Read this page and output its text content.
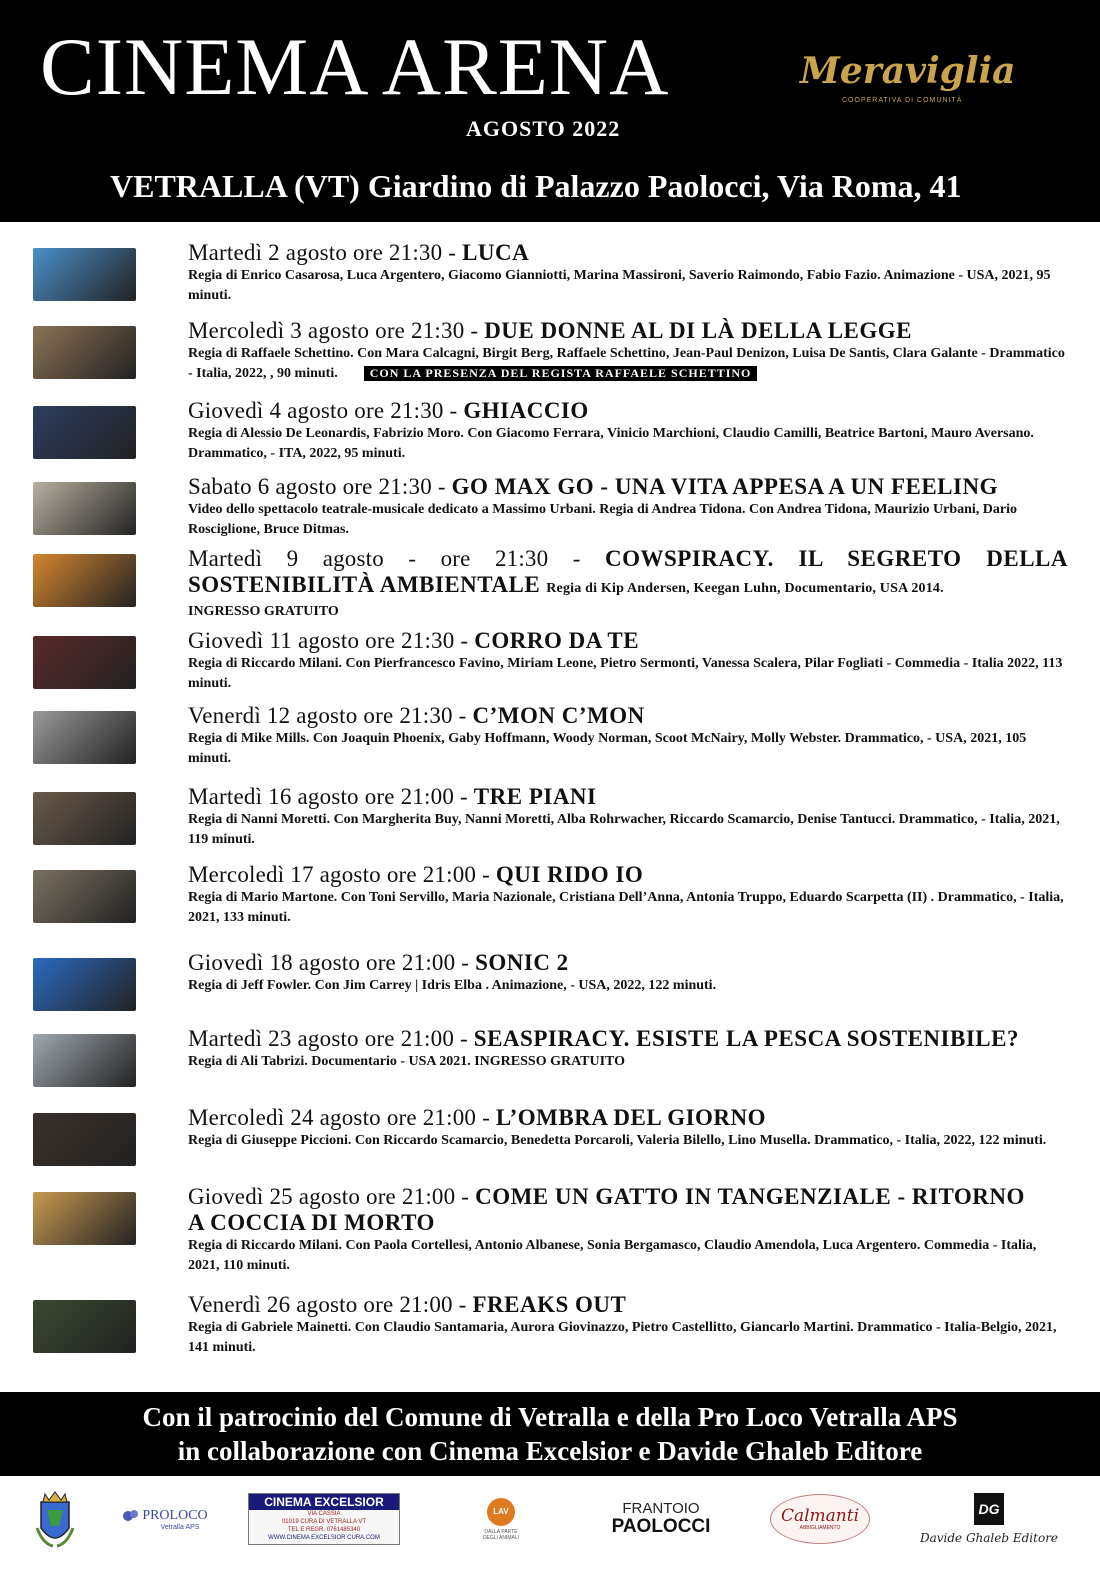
CINEMA ARENA
AGOSTO 2022
Meraviglia
COOPERATIVA DI COMUNITÀ
VETRALLA (VT) Giardino di Palazzo Paolocci, Via Roma, 41
Martedì 2 agosto ore 21:30 - LUCA
Regia di Enrico Casarosa, Luca Argentero, Giacomo Gianniotti, Marina Massironi, Saverio Raimondo, Fabio Fazio. Animazione - USA, 2021, 95 minuti.
Mercoledì 3 agosto ore 21:30 - DUE DONNE AL DI LÀ DELLA LEGGE
Regia di Raffaele Schettino. Con Mara Calcagni, Birgit Berg, Raffaele Schettino, Jean-Paul Denizon, Luisa De Santis, Clara Galante - Drammatico - Italia, 2022, , 90 minuti.	CON LA PRESENZA DEL REGISTA RAFFAELE SCHETTINO
Giovedì 4 agosto ore 21:30 - GHIACCIO
Regia di Alessio De Leonardis, Fabrizio Moro. Con Giacomo Ferrara, Vinicio Marchioni, Claudio Camilli, Beatrice Bartoni, Mauro Aversano. Drammatico, - ITA, 2022, 95 minuti.
Sabato 6 agosto ore 21:30 - GO MAX GO - UNA VITA APPESA A UN FEELING
Video dello spettacolo teatrale-musicale dedicato a Massimo Urbani. Regia di Andrea Tidona. Con Andrea Tidona, Maurizio Urbani, Dario Rosciglione, Bruce Ditmas.
Martedì 9 agosto - ore 21:30 - COWSPIRACY. IL SEGRETO DELLA SOSTENIBILITÀ AMBIENTALE Regia di Kip Andersen, Keegan Luhn, Documentario, USA 2014.
INGRESSO GRATUITO
Giovedì 11 agosto ore 21:30 - CORRO DA TE
Regia di Riccardo Milani. Con Pierfrancesco Favino, Miriam Leone, Pietro Sermonti, Vanessa Scalera, Pilar Fogliati - Commedia - Italia 2022, 113 minuti.
Venerdì 12 agosto ore 21:30 - C’MON C’MON
Regia di Mike Mills. Con Joaquin Phoenix, Gaby Hoffmann, Woody Norman, Scoot McNairy, Molly Webster. Drammatico, - USA, 2021, 105 minuti.
Martedì 16 agosto ore 21:00 - TRE PIANI
Regia di Nanni Moretti. Con Margherita Buy, Nanni Moretti, Alba Rohrwacher, Riccardo Scamarcio, Denise Tantucci. Drammatico, - Italia, 2021, 119 minuti.
Mercoledì 17 agosto ore 21:00 - QUI RIDO IO
Regia di Mario Martone. Con Toni Servillo, Maria Nazionale, Cristiana Dell’Anna, Antonia Truppo, Eduardo Scarpetta (II) . Drammatico, - Italia, 2021, 133 minuti.
Giovedì 18 agosto ore 21:00 - SONIC 2
Regia di Jeff Fowler. Con Jim Carrey | Idris Elba . Animazione, - USA, 2022, 122 minuti.
Martedì 23 agosto ore 21:00 - SEASPIRACY. ESISTE LA PESCA SOSTENIBILE?
Regia di Ali Tabrizi. Documentario - USA 2021. INGRESSO GRATUITO
Mercoledì 24 agosto ore 21:00 - L’OMBRA DEL GIORNO
Regia di Giuseppe Piccioni. Con Riccardo Scamarcio, Benedetta Porcaroli, Valeria Bilello, Lino Musella. Drammatico, - Italia, 2022, 122 minuti.
Giovedì 25 agosto ore 21:00 - COME UN GATTO IN TANGENZIALE - RITORNO A COCCIA DI MORTO
Regia di Riccardo Milani. Con Paola Cortellesi, Antonio Albanese, Sonia Bergamasco, Claudio Amendola, Luca Argentero. Commedia - Italia, 2021, 110 minuti.
Venerdì 26 agosto ore 21:00 - FREAKS OUT
Regia di Gabriele Mainetti. Con Claudio Santamaria, Aurora Giovinazzo, Pietro Castellitto, Giancarlo Martini. Drammatico - Italia-Belgio, 2021, 141 minuti.
Con il patrocinio del Comune di Vetralla e della Pro Loco Vetralla APS
in collaborazione con Cinema Excelsior e Davide Ghaleb Editore
PROLOCO
Vetralla APS
CINEMA EXCELSIOR
VIA CASSIA
01019 CURA DI VETRALLA VT
TEL E REGR. 0761485340
WWW.CINEMA EXCELSIOR CURA.COM
LAV
DALLA PARTE DEGLI ANIMALI
FRANTOIO
PAOLOCCI	Calmanti
ABBIGLIAMENTO
DG
Davide Ghaleb Editore
